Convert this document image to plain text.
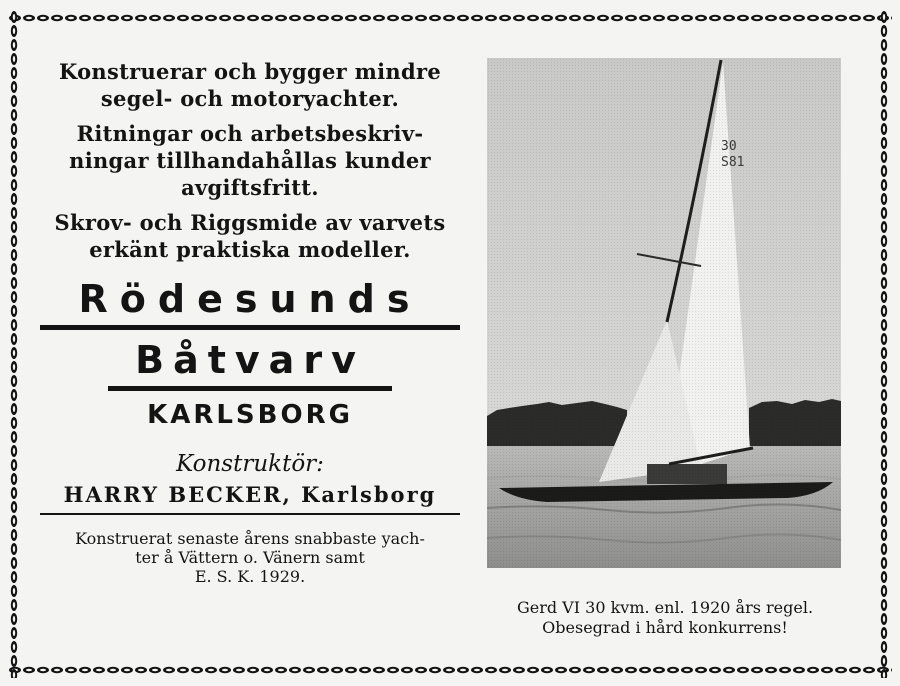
Konstruerar och bygger mindre
segel- och motoryachter.
Ritningar och arbetsbeskriv-
ningar tillhandahållas kunder
avgiftsfritt.
Skrov- och Riggsmide av varvets
erkänt praktiska modeller.
Rödesunds
Båtvarv
KARLSBORG
Konstruktör:
HARRY BECKER, Karlsborg
Konstruerat senaste årens snabbaste yach-
ter å Vättern o. Vänern samt
E. S. K. 1929.
Gerd VI 30 kvm. enl. 1920 års regel.
Obesegrad i hård konkurrens!
